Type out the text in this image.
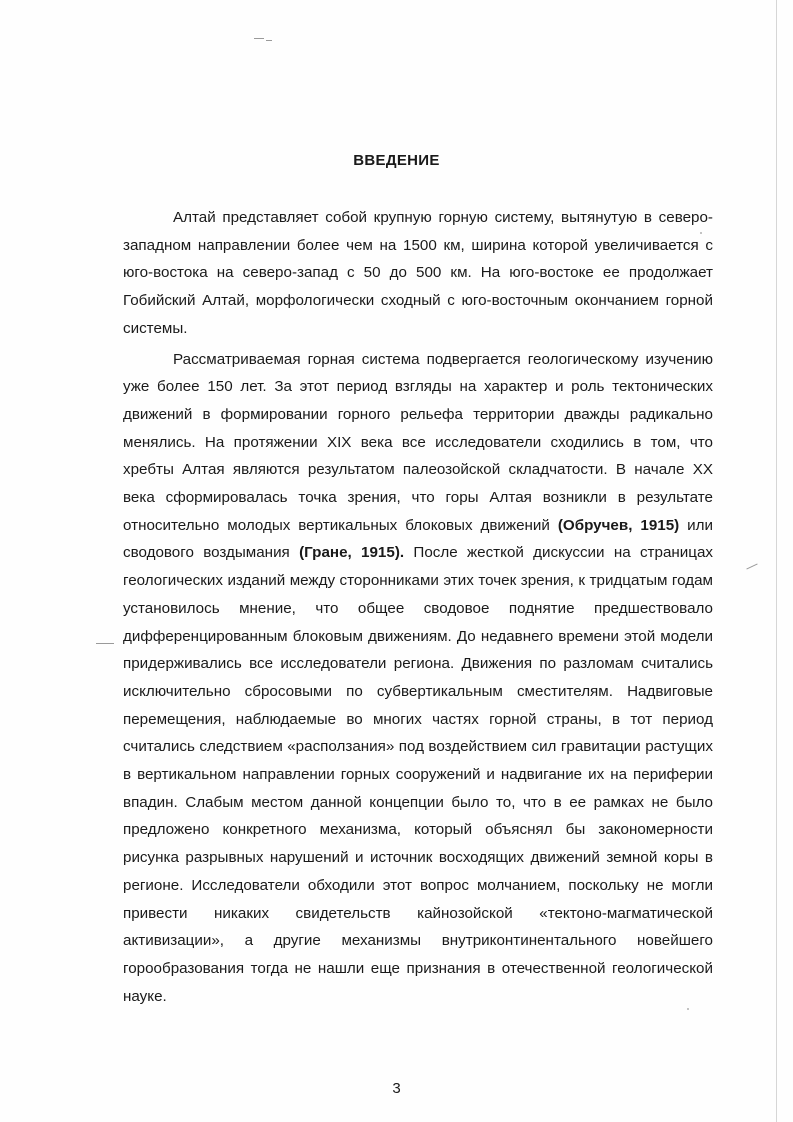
ВВЕДЕНИЕ

Алтай представляет собой крупную горную систему, вытянутую в северо-западном направлении более чем на 1500 км, ширина которой увеличивается с юго-востока на северо-запад с 50 до 500 км. На юго-востоке ее продолжает Гобийский Алтай, морфологически сходный с юго-восточным окончанием горной системы.

Рассматриваемая горная система подвергается геологическому изучению уже более 150 лет. За этот период взгляды на характер и роль тектонических движений в формировании горного рельефа территории дважды радикально менялись. На протяжении XIX века все исследователи сходились в том, что хребты Алтая являются результатом палеозойской складчатости. В начале XX века сформировалась точка зрения, что горы Алтая возникли в результате относительно молодых вертикальных блоковых движений (Обручев, 1915) или сводового воздымания (Гране, 1915). После жесткой дискуссии на страницах геологических изданий между сторонниками этих точек зрения, к тридцатым годам установилось мнение, что общее сводовое поднятие предшествовало дифференцированным блоковым движениям. До недавнего времени этой модели придерживались все исследователи региона. Движения по разломам считались исключительно сбросовыми по субвертикальным сместителям. Надвиговые перемещения, наблюдаемые во многих частях горной страны, в тот период считались следствием «расползания» под воздействием сил гравитации растущих в вертикальном направлении горных сооружений и надвигание их на периферии впадин. Слабым местом данной концепции было то, что в ее рамках не было предложено конкретного механизма, который объяснял бы закономерности рисунка разрывных нарушений и источник восходящих движений земной коры в регионе. Исследователи обходили этот вопрос молчанием, поскольку не могли привести никаких свидетельств кайнозойской «тектоно-магматической активизации», а другие механизмы внутриконтинентального новейшего горообразования тогда не нашли еще признания в отечественной геологической науке.

3
